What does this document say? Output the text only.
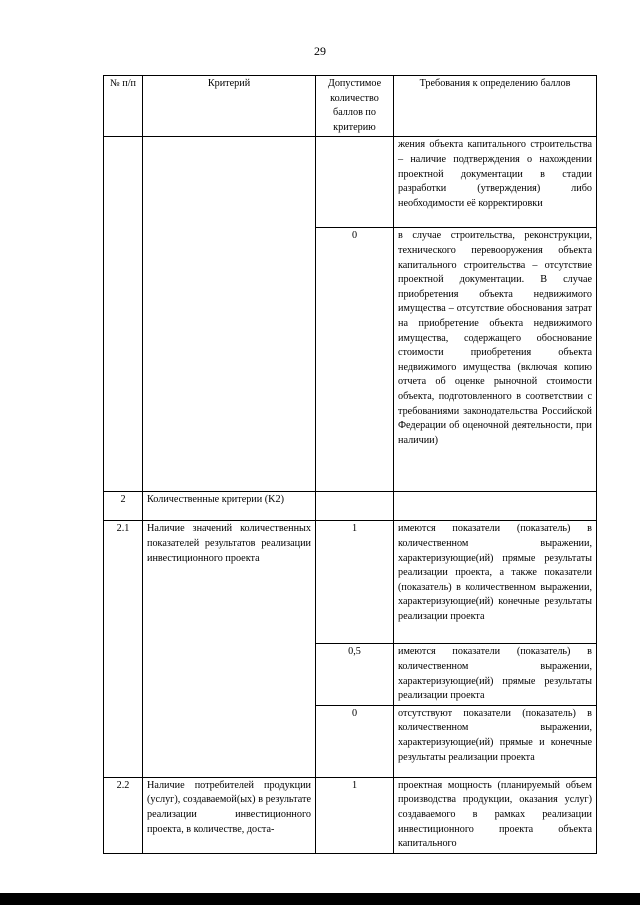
29
№ п/п	Критерий	Допустимое количество баллов по критерию	Требования к определению баллов
			жения объекта капитального строительства – наличие подтверждения о нахождении проектной документации в стадии разработки (утверждения) либо необходимости её корректировки
		0	в случае строительства, реконструкции, технического перевооружения объекта капитального строительства – отсутствие проектной документации. В случае приобретения объекта недвижимого имущества – отсутствие обоснования затрат на приобретение объекта недвижимого имущества, содержащего обоснование стоимости приобретения объекта недвижимого имущества (включая копию отчета об оценке рыночной стоимости объекта, подготовленного в соответствии с требованиями законодательства Российской Федерации об оценочной деятельности, при наличии)
2	Количественные критерии (K2)		

2.1	Наличие значений количественных показателей результатов реализации инвестиционного проекта	1	имеются показатели (показатель) в количественном выражении, характеризующие(ий) прямые результаты реализации проекта, а также показатели (показатель) в количественном выражении, характеризующие(ий) конечные результаты реализации проекта
		0,5	имеются показатели (показатель) в количественном выражении, характеризующие(ий) прямые результаты реализации проекта
		0	отсутствуют показатели (показатель) в количественном выражении, характеризующие(ий) прямые и конечные результаты реализации проекта
2.2	Наличие потребителей продукции (услуг), создаваемой(ых) в результате реализации инвестиционного проекта, в количестве, доста-	1	проектная мощность (планируемый объем производства продукции, оказания услуг) создаваемого в рамках реализации инвестиционного проекта объекта капитального
